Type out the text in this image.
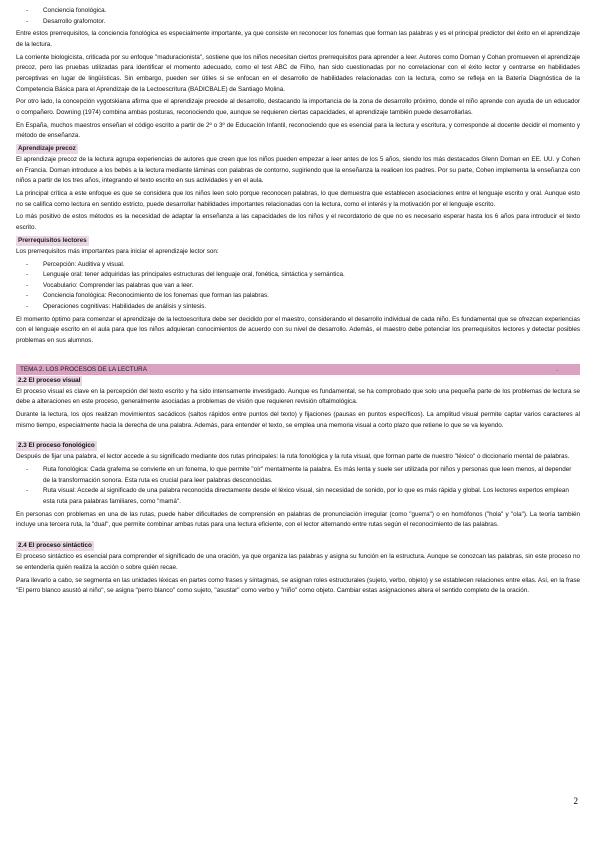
- Conciencia fonológica.
- Desarrollo grafomotor.

Entre estos prerrequisitos, la conciencia fonológica es especialmente importante, ya que consiste en reconocer los fonemas que forman las palabras y es el principal predictor del éxito en el aprendizaje de la lectura.

La corriente biologicista, criticada por su enfoque "maduracionista", sostiene que los niños necesitan ciertos prerrequisitos para aprender a leer. Autores como Doman y Cohan promueven el aprendizaje precoz, pero las pruebas utilizadas para identificar el momento adecuado, como el test ABC de Filho, han sido cuestionadas por no correlacionar con el éxito lector y centrarse en habilidades perceptivas en lugar de lingüísticas. Sin embargo, pueden ser útiles si se enfocan en el desarrollo de habilidades relacionadas con la lectura, como se refleja en la Batería Diagnóstica de la Competencia Básica para el Aprendizaje de la Lectoescritura (BADICBALE) de Santiago Molina.

Por otro lado, la concepción vygotskiana afirma que el aprendizaje precede al desarrollo, destacando la importancia de la zona de desarrollo próximo, donde el niño aprende con ayuda de un educador o compañero. Downing (1974) combina ambas posturas, reconociendo que, aunque se requieren ciertas capacidades, el aprendizaje también puede desarrollarlas.

En España, muchos maestros enseñan el código escrito a partir de 2º o 3º de Educación Infantil, reconociendo que es esencial para la lectura y escritura, y corresponde al docente decidir el momento y método de enseñanza.

Aprendizaje precoz

El aprendizaje precoz de la lectura agrupa experiencias de autores que creen que los niños pueden empezar a leer antes de los 5 años, siendo los más destacados Glenn Doman en EE. UU. y Cohen en Francia. Doman introduce a los bebés a la lectura mediante láminas con palabras de contorno, sugiriendo que la enseñanza la realicen los padres. Por su parte, Cohen implementa la enseñanza con niños a partir de los tres años, integrando el texto escrito en sus actividades y en el aula.

La principal crítica a este enfoque es que se considera que los niños leen solo porque reconocen palabras, lo que demuestra que establecen asociaciones entre el lenguaje escrito y oral. Aunque esto no se califica como lectura en sentido estricto, puede desarrollar habilidades importantes relacionadas con la lectura, como el interés y la motivación por el lenguaje escrito.

Lo más positivo de estos métodos es la necesidad de adaptar la enseñanza a las capacidades de los niños y el recordatorio de que no es necesario esperar hasta los 6 años para introducir el texto escrito.

Prerrequisitos lectores

Los prerrequisitos más importantes para iniciar el aprendizaje lector son:

- Percepción: Auditiva y visual.
- Lenguaje oral: tener adquiridas las principales estructuras del lenguaje oral, fonética, sintáctica y semántica.
- Vocabulario: Comprender las palabras que van a leer.
- Conciencia fonológica: Reconocimiento de los fonemas que forman las palabras.
- Operaciones cognitivas: Habilidades de análisis y síntesis.

El momento óptimo para comenzar el aprendizaje de la lectoescritura debe ser decidido por el maestro, considerando el desarrollo individual de cada niño. Es fundamental que se ofrezcan experiencias con el lenguaje escrito en el aula para que los niños adquieran conocimientos de acuerdo con su nivel de desarrollo. Además, el maestro debe potenciar los prerrequisitos lectores y detectar posibles problemas en sus alumnos.

TEMA 2. LOS PROCESOS DE LA LECTURA	.
2.2 El proceso visual

El proceso visual es clave en la percepción del texto escrito y ha sido intensamente investigado. Aunque es fundamental, se ha comprobado que solo una pequeña parte de los problemas de lectura se debe a alteraciones en este proceso, generalmente asociadas a problemas de visión que requieren revisión oftalmológica.

Durante la lectura, los ojos realizan movimientos sacádicos (saltos rápidos entre puntos del texto) y fijaciones (pausas en puntos específicos). La amplitud visual permite captar varios caracteres al mismo tiempo, especialmente hacia la derecha de una palabra. Además, para entender el texto, se emplea una memoria visual a corto plazo que retiene lo que se va leyendo.

2.3 El proceso fonológico

Después de fijar una palabra, el lector accede a su significado mediante dos rutas principales: la ruta fonológica y la ruta visual, que forman parte de nuestro "léxico" o diccionario mental de palabras.

- Ruta fonológica: Cada grafema se convierte en un fonema, lo que permite "oír" mentalmente la palabra. Es más lenta y suele ser utilizada por niños y personas que leen menos, al depender de la transformación sonora. Esta ruta es crucial para leer palabras desconocidas.
- Ruta visual: Accede al significado de una palabra reconocida directamente desde el léxico visual, sin necesidad de sonido, por lo que es más rápida y global. Los lectores expertos emplean esta ruta para palabras familiares, como "mamá".

En personas con problemas en una de las rutas, puede haber dificultades de comprensión en palabras de pronunciación irregular (como "guerra") o en homófonos ("hola" y "ola"). La teoría también incluye una tercera ruta, la "dual", que permite combinar ambas rutas para una lectura eficiente, con el lector alternando entre rutas según el reconocimiento de las palabras.

2.4 El proceso sintáctico

El proceso sintáctico es esencial para comprender el significado de una oración, ya que organiza las palabras y asigna su función en la estructura. Aunque se conozcan las palabras, sin este proceso no se entendería quién realiza la acción o sobre quién recae.

Para llevarlo a cabo, se segmenta en las unidades léxicas en partes como frases y sintagmas, se asignan roles estructurales (sujeto, verbo, objeto) y se establecen relaciones entre ellas. Así, en la frase "El perro blanco asustó al niño", se asigna "perro blanco" como sujeto, "asustar" como verbo y "niño" como objeto. Cambiar estas asignaciones altera el sentido completo de la oración.

2
